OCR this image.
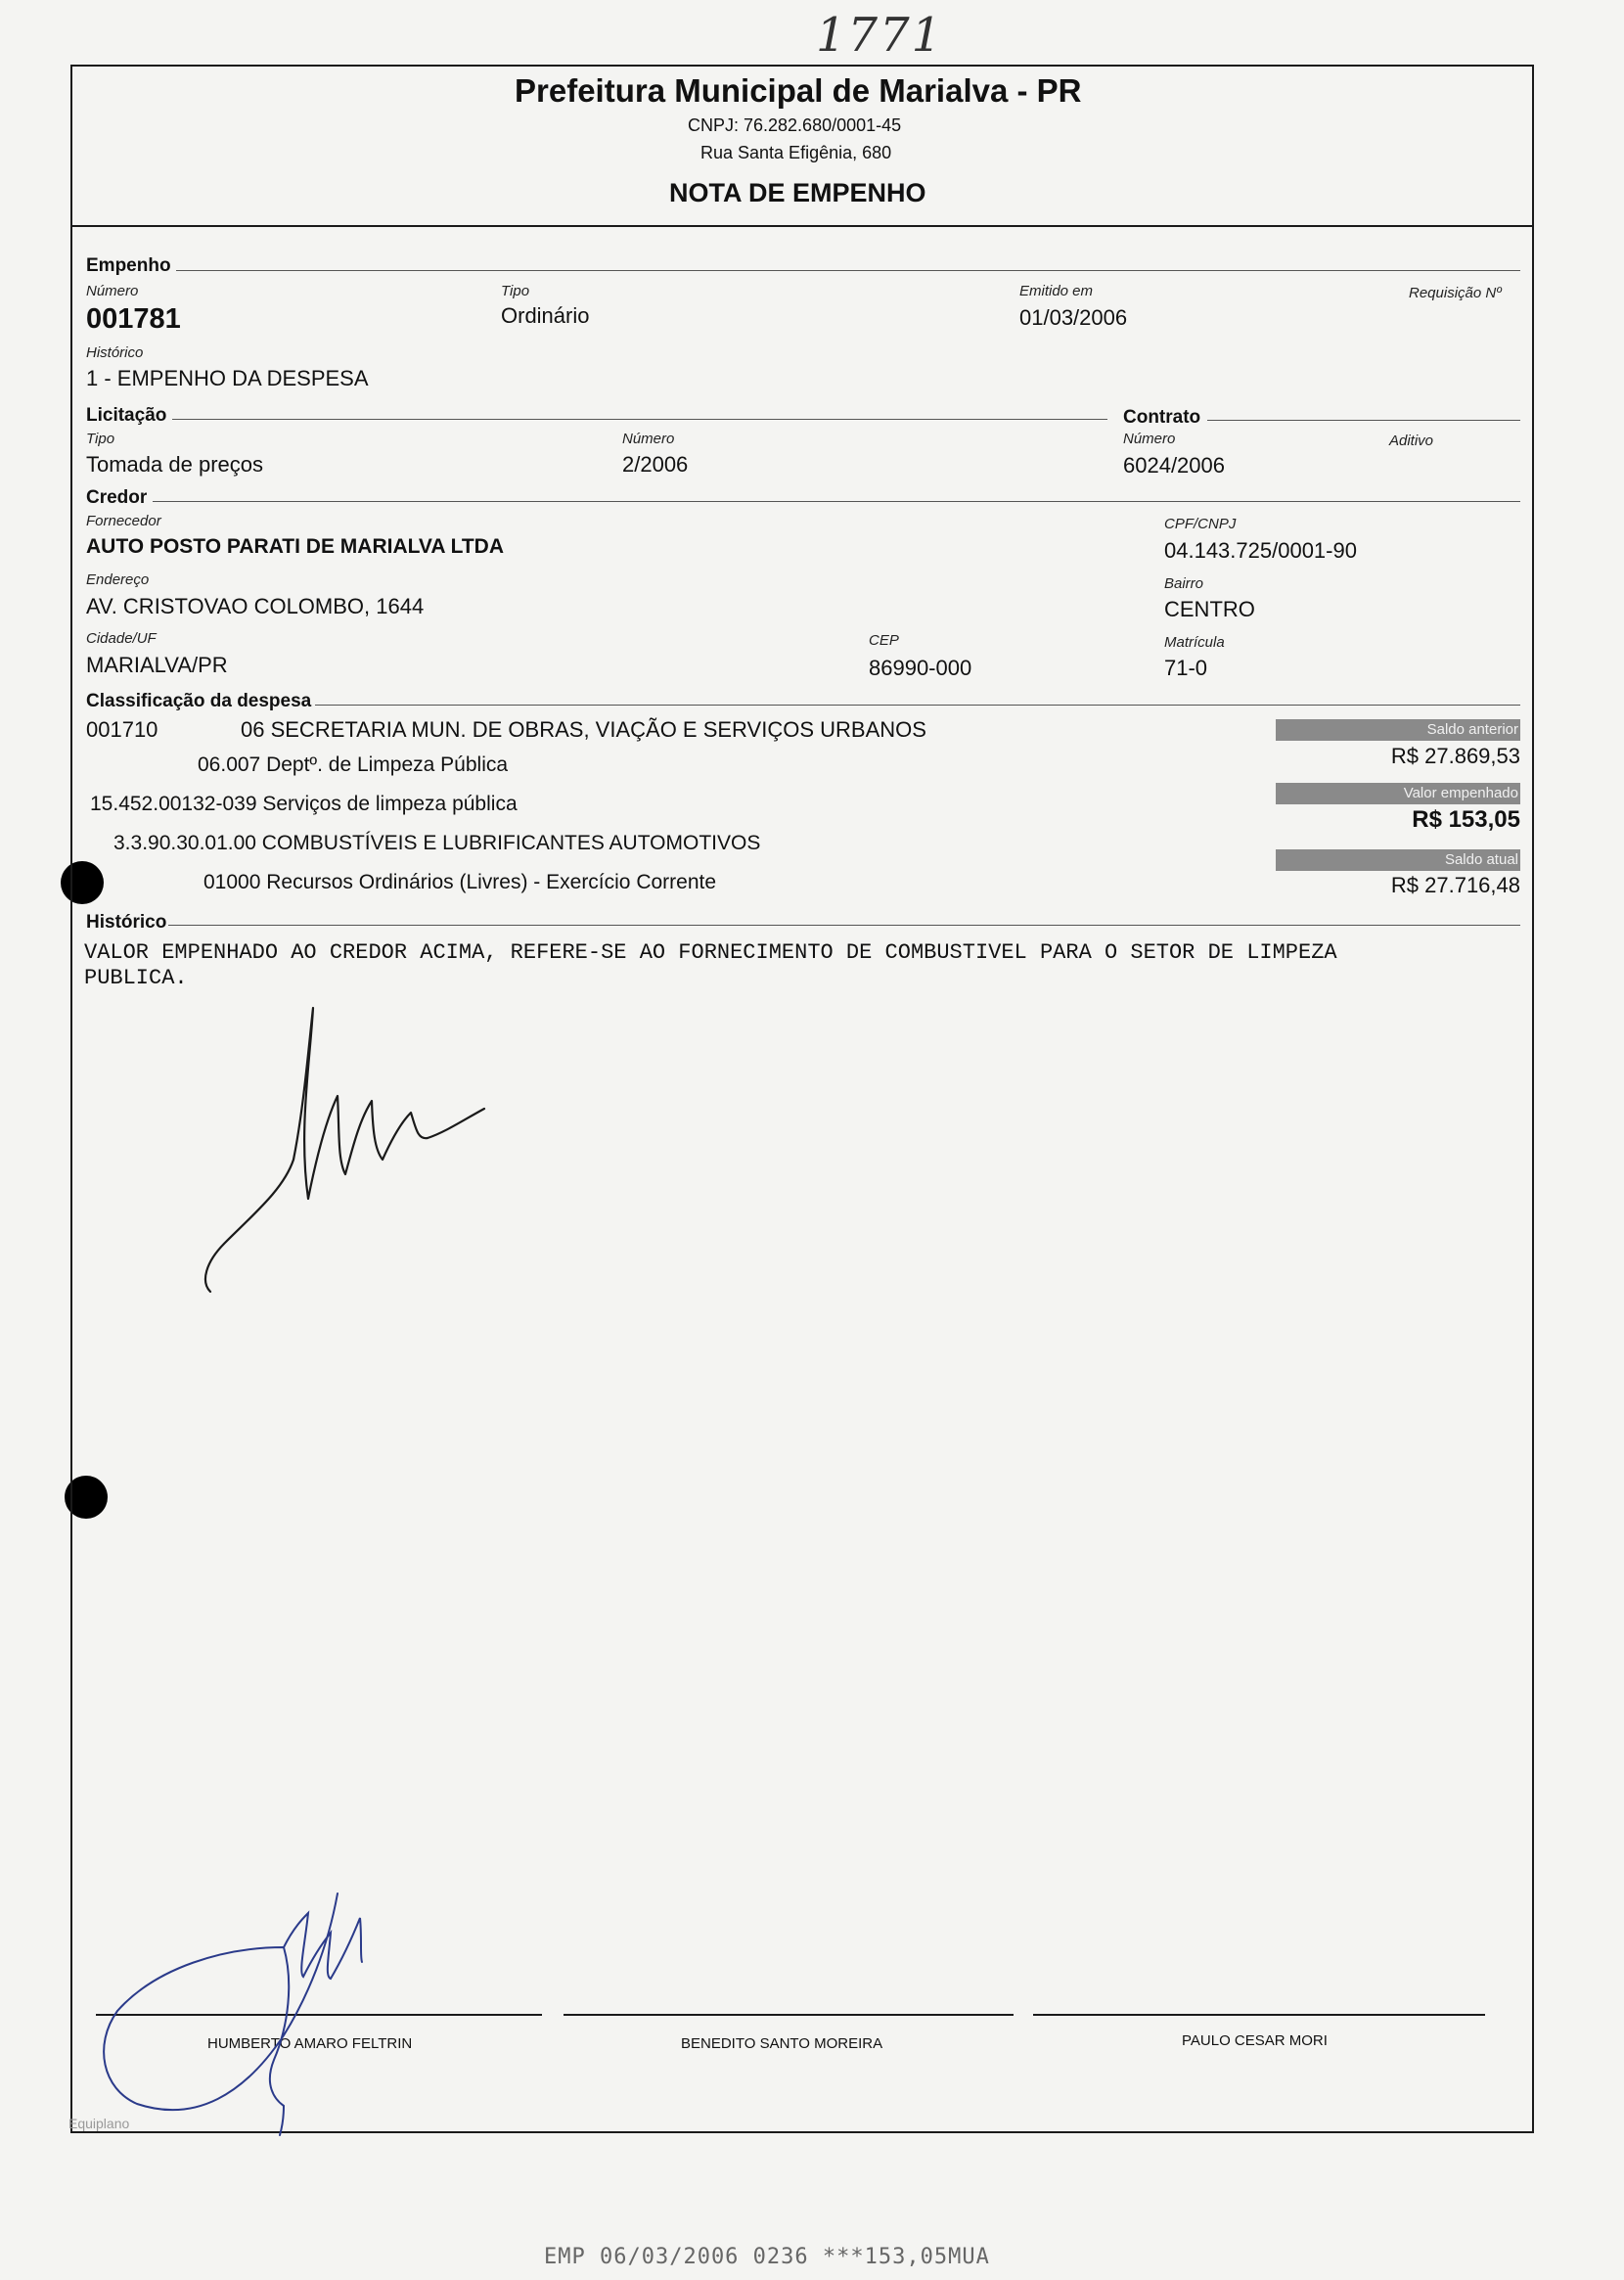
1771
Prefeitura Municipal de Marialva - PR
CNPJ: 76.282.680/0001-45
Rua Santa Efigênia, 680
NOTA DE EMPENHO
Empenho
Número
001781
Tipo
Ordinário
Emitido em
01/03/2006
Requisição Nº
Histórico
1 - EMPENHO DA DESPESA
Licitação	Contrato
Tipo
Tomada de preços
Número
2/2006
Número
6024/2006
Aditivo
Credor
Fornecedor
AUTO POSTO PARATI DE MARIALVA LTDA
CPF/CNPJ
04.143.725/0001-90
Endereço
AV. CRISTOVAO COLOMBO, 1644
Bairro
CENTRO
Cidade/UF
MARIALVA/PR
CEP
86990-000
Matrícula
71-0
Classificação da despesa
001710	06 SECRETARIA MUN. DE OBRAS, VIAÇÃO E SERVIÇOS URBANOS
06.007 Deptº. de Limpeza Pública
15.452.00132-039 Serviços de limpeza pública
3.3.90.30.01.00 COMBUSTÍVEIS E LUBRIFICANTES AUTOMOTIVOS
01000 Recursos Ordinários (Livres) - Exercício Corrente
Saldo anterior
R$ 27.869,53
Valor empenhado
R$ 153,05
Saldo atual
R$ 27.716,48
Histórico
VALOR EMPENHADO AO CREDOR ACIMA, REFERE-SE AO FORNECIMENTO DE COMBUSTIVEL PARA O SETOR DE LIMPEZA
PUBLICA.
HUMBERTO AMARO FELTRIN	BENEDITO SANTO MOREIRA	PAULO CESAR MORI
Equiplano
EMP 06/03/2006 0236 ***153,05MUA
